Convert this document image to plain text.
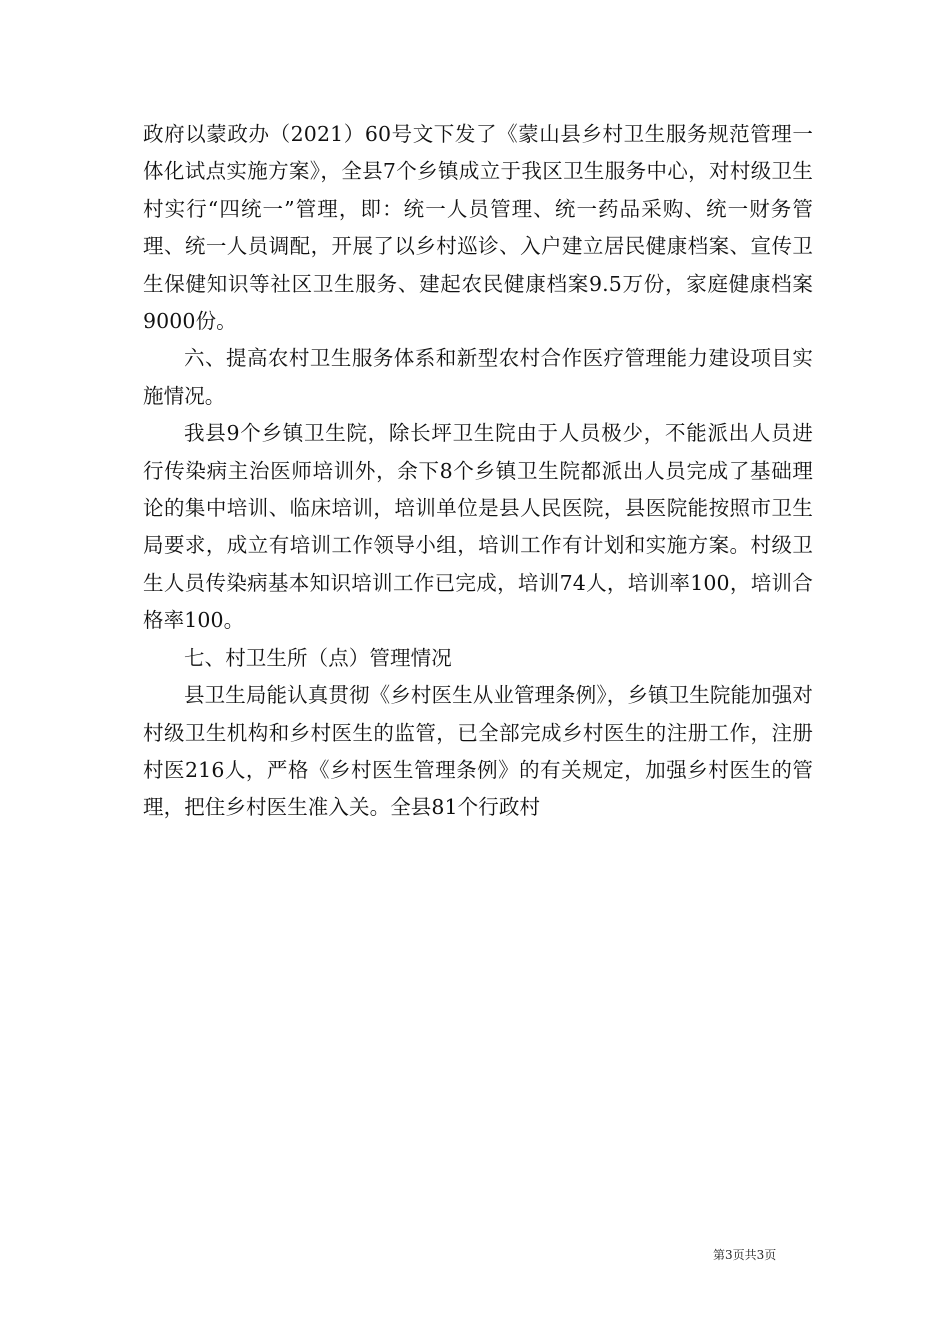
政府以蒙政办（2021）60号文下发了《蒙山县乡村卫生服务规范管理一体化试点实施方案》，全县7个乡镇成立于我区卫生服务中心，对村级卫生村实行“四统一”管理，即：统一人员管理、统一药品采购、统一财务管理、统一人员调配，开展了以乡村巡诊、入户建立居民健康档案、宣传卫生保健知识等社区卫生服务、建起农民健康档案9.5万份，家庭健康档案9000份。

六、提高农村卫生服务体系和新型农村合作医疗管理能力建设项目实施情况。

我县9个乡镇卫生院，除长坪卫生院由于人员极少，不能派出人员进行传染病主治医师培训外，余下8个乡镇卫生院都派出人员完成了基础理论的集中培训、临床培训，培训单位是县人民医院，县医院能按照市卫生局要求，成立有培训工作领导小组，培训工作有计划和实施方案。村级卫生人员传染病基本知识培训工作已完成，培训74人，培训率100，培训合格率100。

七、村卫生所（点）管理情况

县卫生局能认真贯彻《乡村医生从业管理条例》，乡镇卫生院能加强对村级卫生机构和乡村医生的监管，已全部完成乡村医生的注册工作，注册村医216人，严格《乡村医生管理条例》的有关规定，加强乡村医生的管理，把住乡村医生准入关。全县81个行政村

第3页共3页
